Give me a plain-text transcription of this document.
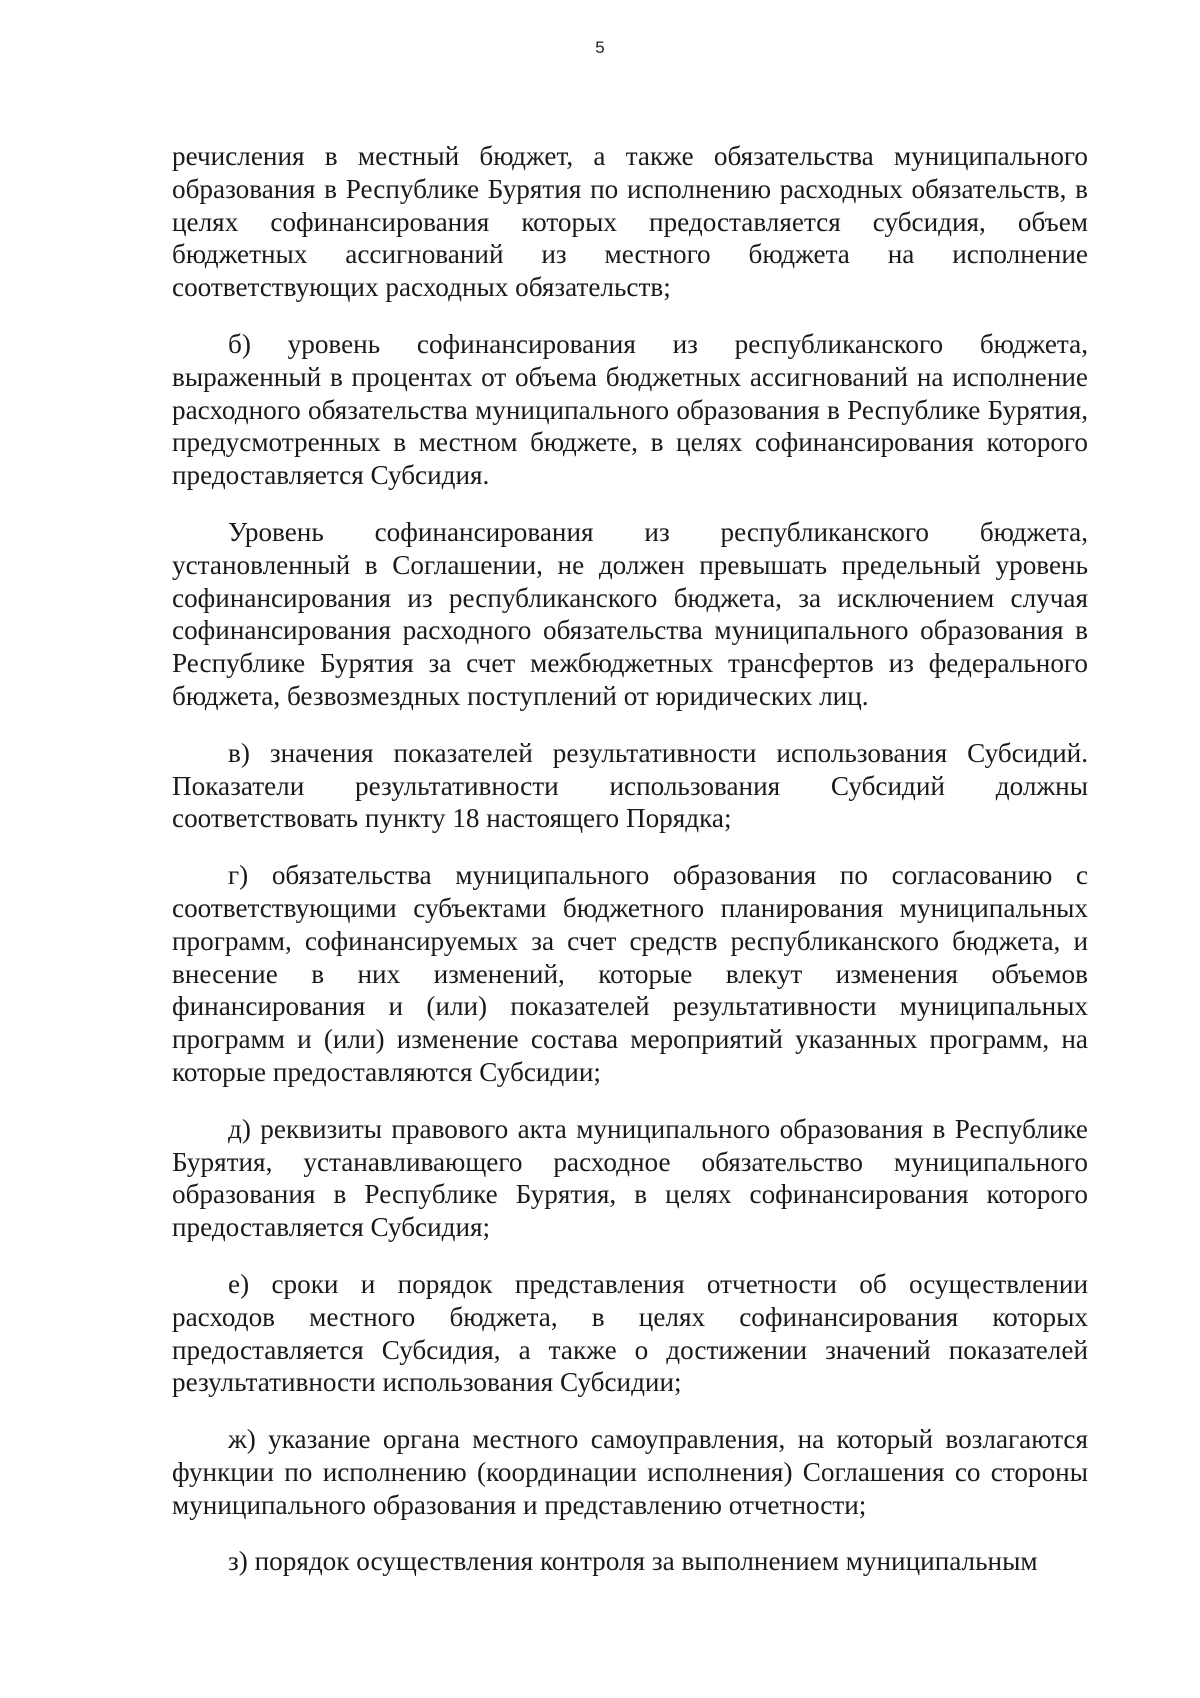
5

речисления в местный бюджет, а также обязательства муниципального образования в Республике Бурятия по исполнению расходных обязательств, в целях софинансирования которых предоставляется субсидия, объем бюджетных ассигнований из местного бюджета на исполнение соответствующих расходных обязательств;

б) уровень софинансирования из республиканского бюджета, выраженный в процентах от объема бюджетных ассигнований на исполнение расходного обязательства муниципального образования в Республике Бурятия, предусмотренных в местном бюджете, в целях софинансирования которого предоставляется Субсидия.

Уровень софинансирования из республиканского бюджета, установленный в Соглашении, не должен превышать предельный уровень софинансирования из республиканского бюджета, за исключением случая софинансирования расходного обязательства муниципального образования в Республике Бурятия за счет межбюджетных трансфертов из федерального бюджета, безвозмездных поступлений от юридических лиц.

в) значения показателей результативности использования Субсидий. Показатели результативности использования Субсидий должны соответствовать пункту 18 настоящего Порядка;

г) обязательства муниципального образования по согласованию с соответствующими субъектами бюджетного планирования муниципальных программ, софинансируемых за счет средств республиканского бюджета, и внесение в них изменений, которые влекут изменения объемов финансирования и (или) показателей результативности муниципальных программ и (или) изменение состава мероприятий указанных программ, на которые предоставляются Субсидии;

д) реквизиты правового акта муниципального образования в Республике Бурятия, устанавливающего расходное обязательство муниципального образования в Республике Бурятия, в целях софинансирования которого предоставляется Субсидия;

е) сроки и порядок представления отчетности об осуществлении расходов местного бюджета, в целях софинансирования которых предоставляется Субсидия, а также о достижении значений показателей результативности использования Субсидии;

ж) указание органа местного самоуправления, на который возлагаются функции по исполнению (координации исполнения) Соглашения со стороны муниципального образования и представлению отчетности;

з) порядок осуществления контроля за выполнением муниципальным
